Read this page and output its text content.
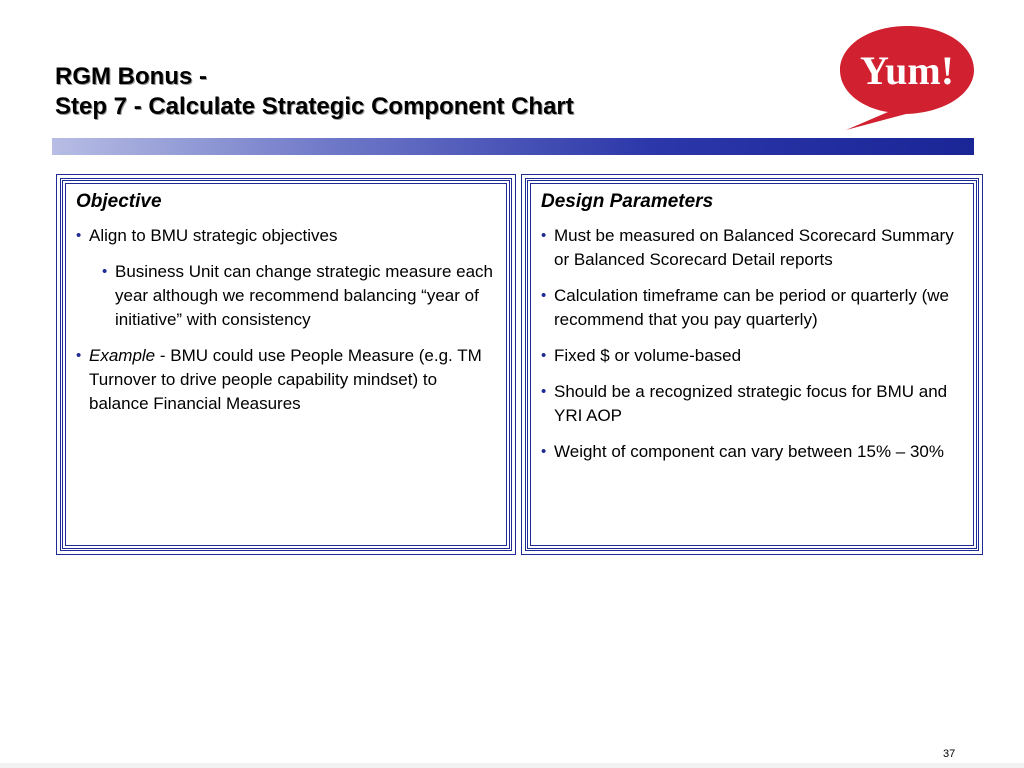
RGM Bonus -
Step 7 - Calculate Strategic Component Chart
Yum!
Objective
• Align to BMU strategic objectives
• Business Unit can change strategic measure each year although we recommend balancing “year of initiative” with consistency
• Example - BMU could use People Measure (e.g. TM Turnover to drive people capability mindset) to balance Financial Measures
Design Parameters
• Must be measured on Balanced Scorecard Summary or Balanced Scorecard Detail reports
• Calculation timeframe can be period or quarterly (we recommend that you pay quarterly)
• Fixed $ or volume-based
• Should be a recognized strategic focus for BMU and YRI AOP
• Weight of component can vary between 15% – 30%
37
